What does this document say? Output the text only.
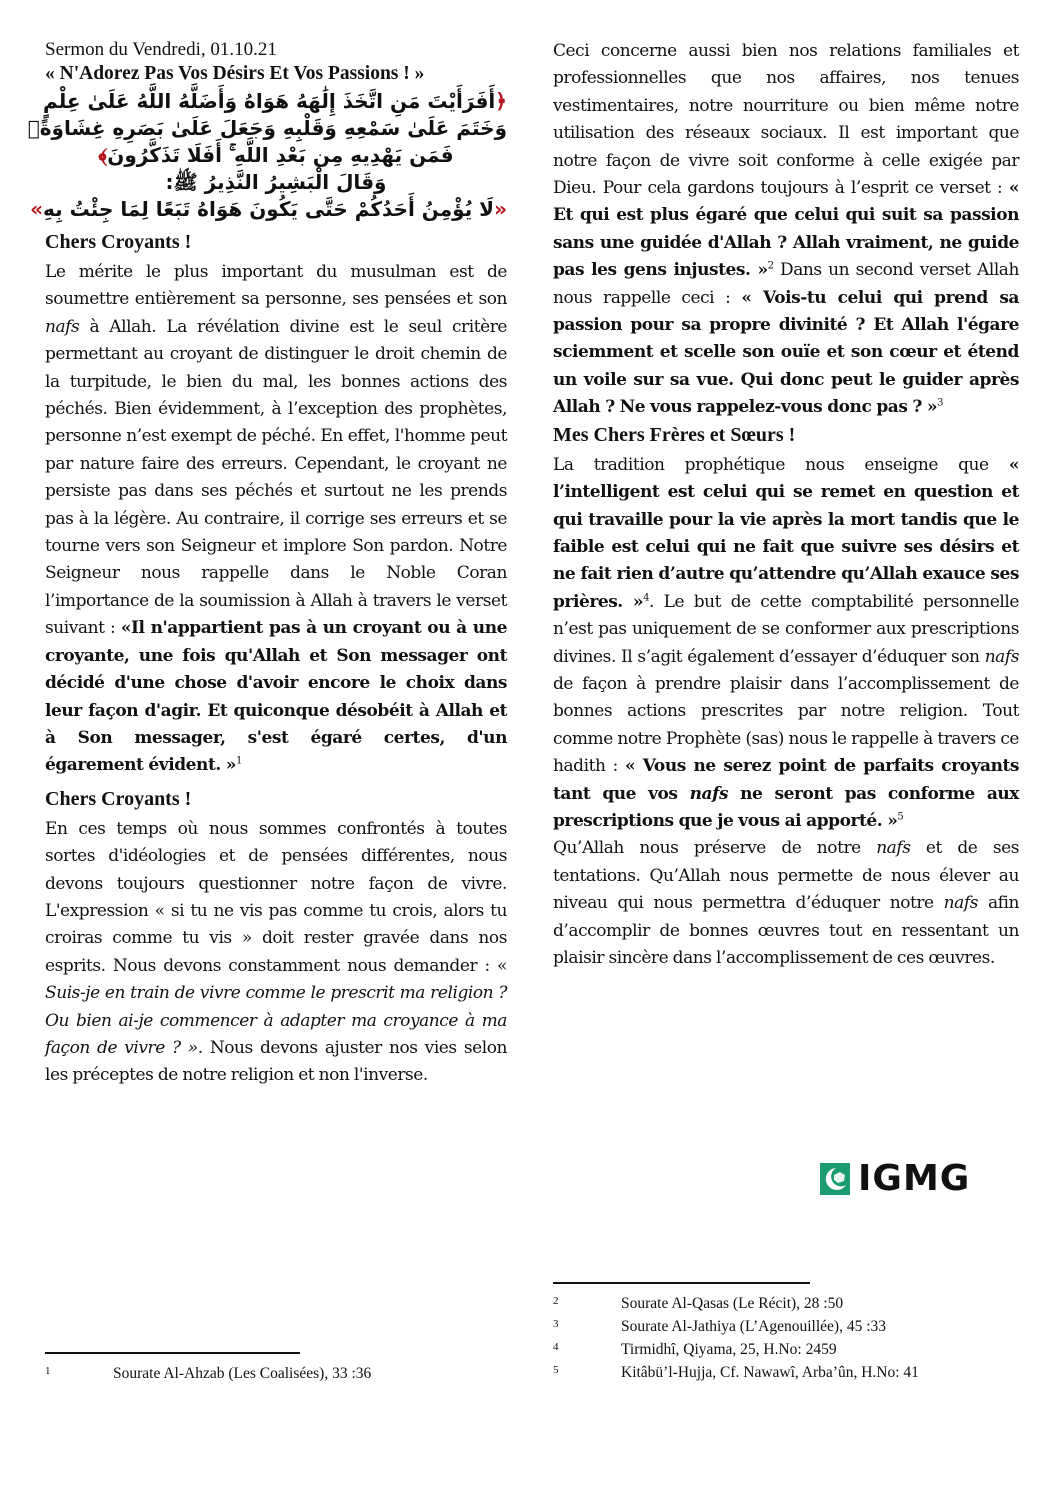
Sermon du Vendredi, 01.10.21
« N'Adorez Pas Vos Désirs Et Vos Passions ! »
﴿أَفَرَأَيْتَ مَنِ اتَّخَذَ إِلَٰهَهُ هَوَاهُ وَأَضَلَّهُ اللَّهُ عَلَىٰ عِلْمٍ
وَخَتَمَ عَلَىٰ سَمْعِهِ وَقَلْبِهِ وَجَعَلَ عَلَىٰ بَصَرِهِ غِشَاوَةً
فَمَن يَهْدِيهِ مِن بَعْدِ اللَّهِ ۚ أَفَلَا تَذَكَّرُونَ﴾
وَقَالَ الْبَشِيرُ النَّذِيرُ ﷺ:
«لَا يُؤْمِنُ أَحَدُكُمْ حَتَّى يَكُونَ هَوَاهُ تَبَعًا لِمَا جِئْتُ بِهِ»
Chers Croyants !

Le mérite le plus important du musulman est de soumettre entièrement sa personne, ses pensées et son nafs à Allah. La révélation divine est le seul critère permettant au croyant de distinguer le droit chemin de la turpitude, le bien du mal, les bonnes actions des péchés. Bien évidemment, à l’exception des prophètes, personne n’est exempt de péché. En effet, l'homme peut par nature faire des erreurs. Cependant, le croyant ne persiste pas dans ses péchés et surtout ne les prends pas à la légère. Au contraire, il corrige ses erreurs et se tourne vers son Seigneur et implore Son pardon. Notre Seigneur nous rappelle dans le Noble Coran l’importance de la soumission à Allah à travers le verset suivant : «Il n'appartient pas à un croyant ou à une croyante, une fois qu'Allah et Son messager ont décidé d'une chose d'avoir encore le choix dans leur façon d'agir. Et quiconque désobéit à Allah et à Son messager, s'est égaré certes, d'un égarement évident. »$^1$

Chers Croyants !

En ces temps où nous sommes confrontés à toutes sortes d'idéologies et de pensées différentes, nous devons toujours questionner notre façon de vivre. L'expression « si tu ne vis pas comme tu crois, alors tu croiras comme tu vis » doit rester gravée dans nos esprits. Nous devons constamment nous demander : « Suis-je en train de vivre comme le prescrit ma religion ? Ou bien ai-je commencer à adapter ma croyance à ma façon de vivre ? ». Nous devons ajuster nos vies selon les préceptes de notre religion et non l'inverse.

Ceci concerne aussi bien nos relations familiales et professionnelles que nos affaires, nos tenues vestimentaires, notre nourriture ou bien même notre utilisation des réseaux sociaux. Il est important que notre façon de vivre soit conforme à celle exigée par Dieu. Pour cela gardons toujours à l’esprit ce verset : « Et qui est plus égaré que celui qui suit sa passion sans une guidée d'Allah ? Allah vraiment, ne guide pas les gens injustes. »$^2$ Dans un second verset Allah nous rappelle ceci : « Vois-tu celui qui prend sa passion pour sa propre divinité ? Et Allah l'égare sciemment et scelle son ouïe et son cœur et étend un voile sur sa vue. Qui donc peut le guider après Allah ? Ne vous rappelez-vous donc pas ? »$^3$

Mes Chers Frères et Sœurs !

La tradition prophétique nous enseigne que « l’intelligent est celui qui se remet en question et qui travaille pour la vie après la mort tandis que le faible est celui qui ne fait que suivre ses désirs et ne fait rien d’autre qu’attendre qu’Allah exauce ses prières. »$^4$. Le but de cette comptabilité personnelle n’est pas uniquement de se conformer aux prescriptions divines. Il s’agit également d’essayer d’éduquer son nafs de façon à prendre plaisir dans l’accomplissement de bonnes actions prescrites par notre religion. Tout comme notre Prophète (sas) nous le rappelle à travers ce hadith : « Vous ne serez point de parfaits croyants tant que vos nafs ne seront pas conforme aux prescriptions que je vous ai apporté. »$^5$

Qu’Allah nous préserve de notre nafs et de ses tentations. Qu’Allah nous permette de nous élever au niveau qui nous permettra d’éduquer notre nafs afin d’accomplir de bonnes œuvres tout en ressentant un plaisir sincère dans l’accomplissement de ces œuvres.

IGMG
1	Sourate Al-Ahzab (Les Coalisées), 33 :36
2	Sourate Al-Qasas (Le Récit), 28 :50
3	Sourate Al-Jathiya (L’Agenouillée), 45 :33
4	Tirmidhî, Qiyama, 25, H.No: 2459
5	Kitâbü’l-Hujja, Cf. Nawawî, Arba’ûn, H.No: 41
